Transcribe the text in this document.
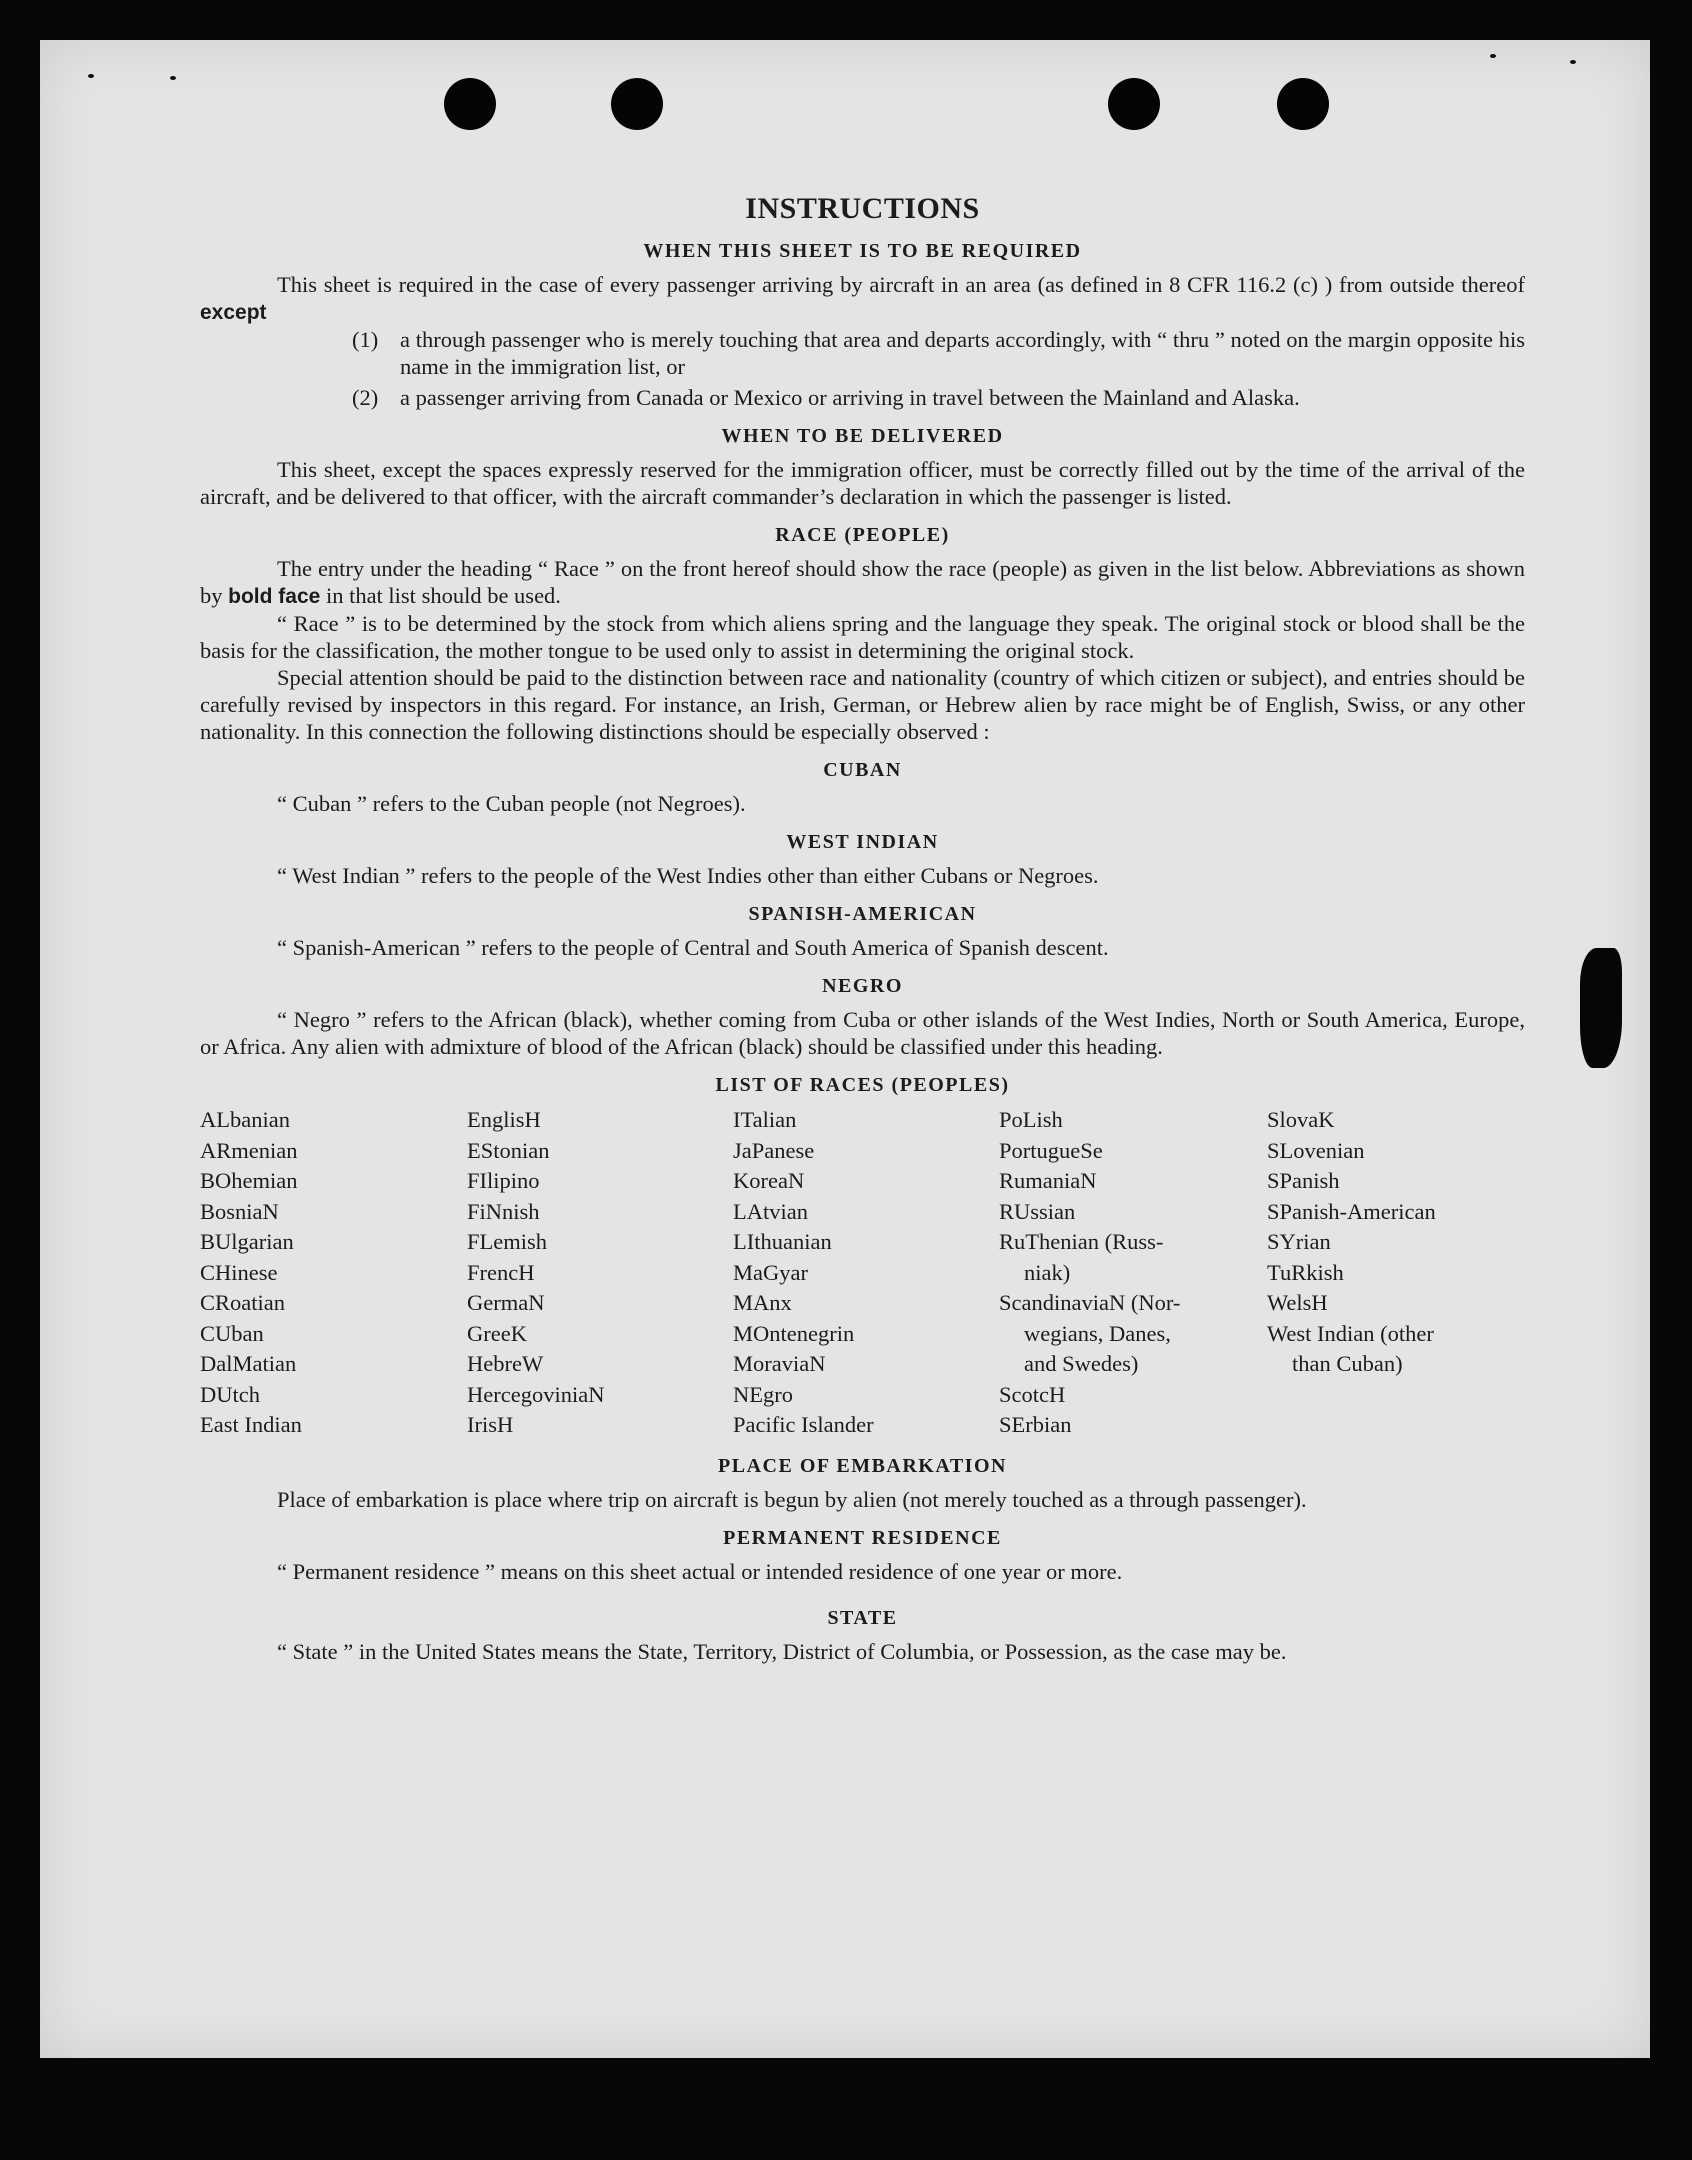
INSTRUCTIONS
WHEN THIS SHEET IS TO BE REQUIRED

This sheet is required in the case of every passenger arriving by aircraft in an area (as defined in 8 CFR 116.2 (c) ) from outside thereof except

(1) a through passenger who is merely touching that area and departs accordingly, with “ thru ” noted on the margin opposite his name in the immigration list, or
(2) a passenger arriving from Canada or Mexico or arriving in travel between the Mainland and Alaska.
WHEN TO BE DELIVERED

This sheet, except the spaces expressly reserved for the immigration officer, must be correctly filled out by the time of the arrival of the aircraft, and be delivered to that officer, with the aircraft commander’s declaration in which the passenger is listed.

RACE (PEOPLE)

The entry under the heading “ Race ” on the front hereof should show the race (people) as given in the list below. Abbreviations as shown by bold face in that list should be used.

“ Race ” is to be determined by the stock from which aliens spring and the language they speak. The original stock or blood shall be the basis for the classification, the mother tongue to be used only to assist in determining the original stock.

Special attention should be paid to the distinction between race and nationality (country of which citizen or subject), and entries should be carefully revised by inspectors in this regard. For instance, an Irish, German, or Hebrew alien by race might be of English, Swiss, or any other nationality. In this connection the following distinctions should be especially observed :

CUBAN

“ Cuban ” refers to the Cuban people (not Negroes).

WEST INDIAN

“ West Indian ” refers to the people of the West Indies other than either Cubans or Negroes.

SPANISH-AMERICAN

“ Spanish-American ” refers to the people of Central and South America of Spanish descent.

NEGRO

“ Negro ” refers to the African (black), whether coming from Cuba or other islands of the West Indies, North or South America, Europe, or Africa. Any alien with admixture of blood of the African (black) should be classified under this heading.

LIST OF RACES (PEOPLES)
ALbanian	EnglisH	ITalian	PoLish	SlovaK
ARmenian	EStonian	JaPanese	PortugueSe	SLovenian
BOhemian	FIlipino	KoreaN	RumaniaN	SPanish
BosniaN	FiNnish	LAtvian	RUssian	SPanish-American
BUlgarian	FLemish	LIthuanian	RuThenian (Russ-	SYrian
CHinese	FrencH	MaGyar	niak)	TuRkish
CRoatian	GermaN	MAnx	ScandinaviaN (Nor-	WelsH
CUban	GreeK	MOntenegrin	wegians, Danes,	West Indian (other
DalMatian	HebreW	MoraviaN	and Swedes)	than Cuban)
DUtch	HercegoviniaN	NEgro	ScotcH
East Indian	IrisH	Pacific Islander	SErbian
PLACE OF EMBARKATION

Place of embarkation is place where trip on aircraft is begun by alien (not merely touched as a through passenger).

PERMANENT RESIDENCE

“ Permanent residence ” means on this sheet actual or intended residence of one year or more.

STATE

“ State ” in the United States means the State, Territory, District of Columbia, or Possession, as the case may be.
